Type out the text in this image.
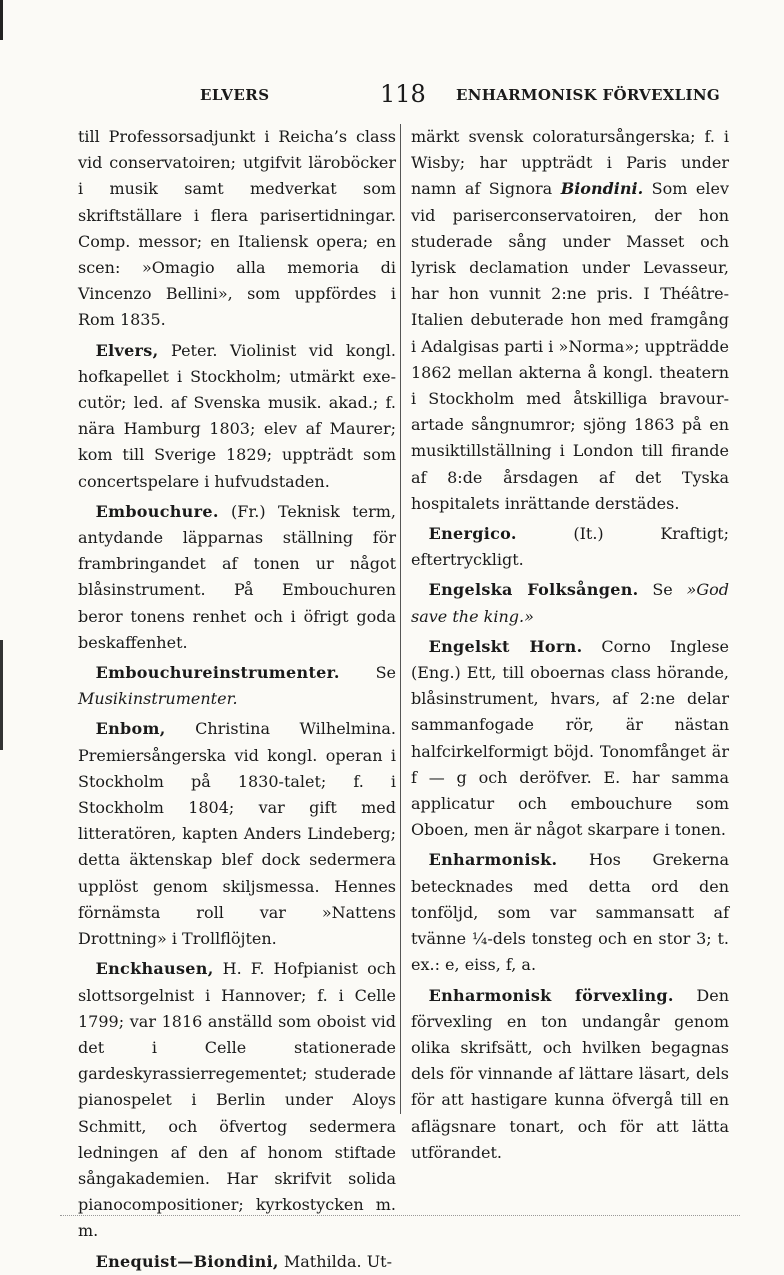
ELVERS	118 ENHARMONISK FÖRVEXLING

till Professorsadjunkt i Reicha’s class vid conservatoiren; utgifvit läroböcker i musik samt medverkat som skriftställare i flera parisertidningar. Comp. messor; en Italiensk opera; en scen: »Omagio alla memoria di Vincenzo Bellini», som uppfördes i Rom 1835.

Elvers, Peter. Violinist vid kongl. hofkapellet i Stockholm; utmärkt executör; led. af Svenska musik. akad.; f. nära Hamburg 1803; elev af Maurer; kom till Sverige 1829; uppträdt som concertspelare i hufvudstaden.

Embouchure. (Fr.) Teknisk term, antydande läpparnas ställning för frambringandet af tonen ur något blåsinstrument. På Embouchuren beror tonens renhet och i öfrigt goda beskaffenhet.

Embouchureinstrumenter. Se Musikinstrumenter.

Enbom, Christina Wilhelmina. Premiersångerska vid kongl. operan i Stockholm på 1830-talet; f. i Stockholm 1804; var gift med litteratören, kapten Anders Lindeberg; detta äktenskap blef dock sedermera upplöst genom skiljsmessa. Hennes förnämsta roll var »Nattens Drottning» i Trollflöjten.

Enckhausen, H. F. Hofpianist och slottsorgelnist i Hannover; f. i Celle 1799; var 1816 anställd som oboist vid det i Celle stationerade gardeskyrassierregementet; studerade pianospelet i Berlin under Aloys Schmitt, och öfvertog sedermera ledningen af den af honom stiftade sångakademien. Har skrifvit solida pianocompositioner; kyrkostycken m. m.

Enequist—Biondini, Mathilda. Ut-

märkt svensk coloratursångerska; f. i Wisby; har uppträdt i Paris under namn af Signora Biondini. Som elev vid pariserconservatoiren, der hon studerade sång under Masset och lyrisk declamation under Levasseur, har hon vunnit 2:ne pris. I Théâtre-Italien debuterade hon med framgång i Adalgisas parti i »Norma»; uppträdde 1862 mellan akterna å kongl. theatern i Stockholm med åtskilliga bravour-artade sångnumror; sjöng 1863 på en musiktillställning i London till firande af 8:de årsdagen af det Tyska hospitalets inrättande derstädes.

Energico. (It.) Kraftigt; eftertryckligt.

Engelska Folksången. Se »God save the king.»

Engelskt Horn. Corno Inglese (Eng.) Ett, till oboernas class hörande, blåsinstrument, hvars, af 2:ne delar sammanfogade rör, är nästan halfcirkelformigt böjd. Tonomfånget är f — g och deröfver. E. har samma applicatur och embouchure som Oboen, men är något skarpare i tonen.

Enharmonisk. Hos Grekerna betecknades med detta ord den tonföljd, som var sammansatt af tvänne ¼-dels tonsteg och en stor 3; t. ex.: e, eiss, f, a.

Enharmonisk förvexling. Den förvexling en ton undangår genom olika skrifsätt, och hvilken begagnas dels för vinnande af lättare läsart, dels för att hastigare kunna öfvergå till en aflägsnare tonart, och för att lätta utförandet.
